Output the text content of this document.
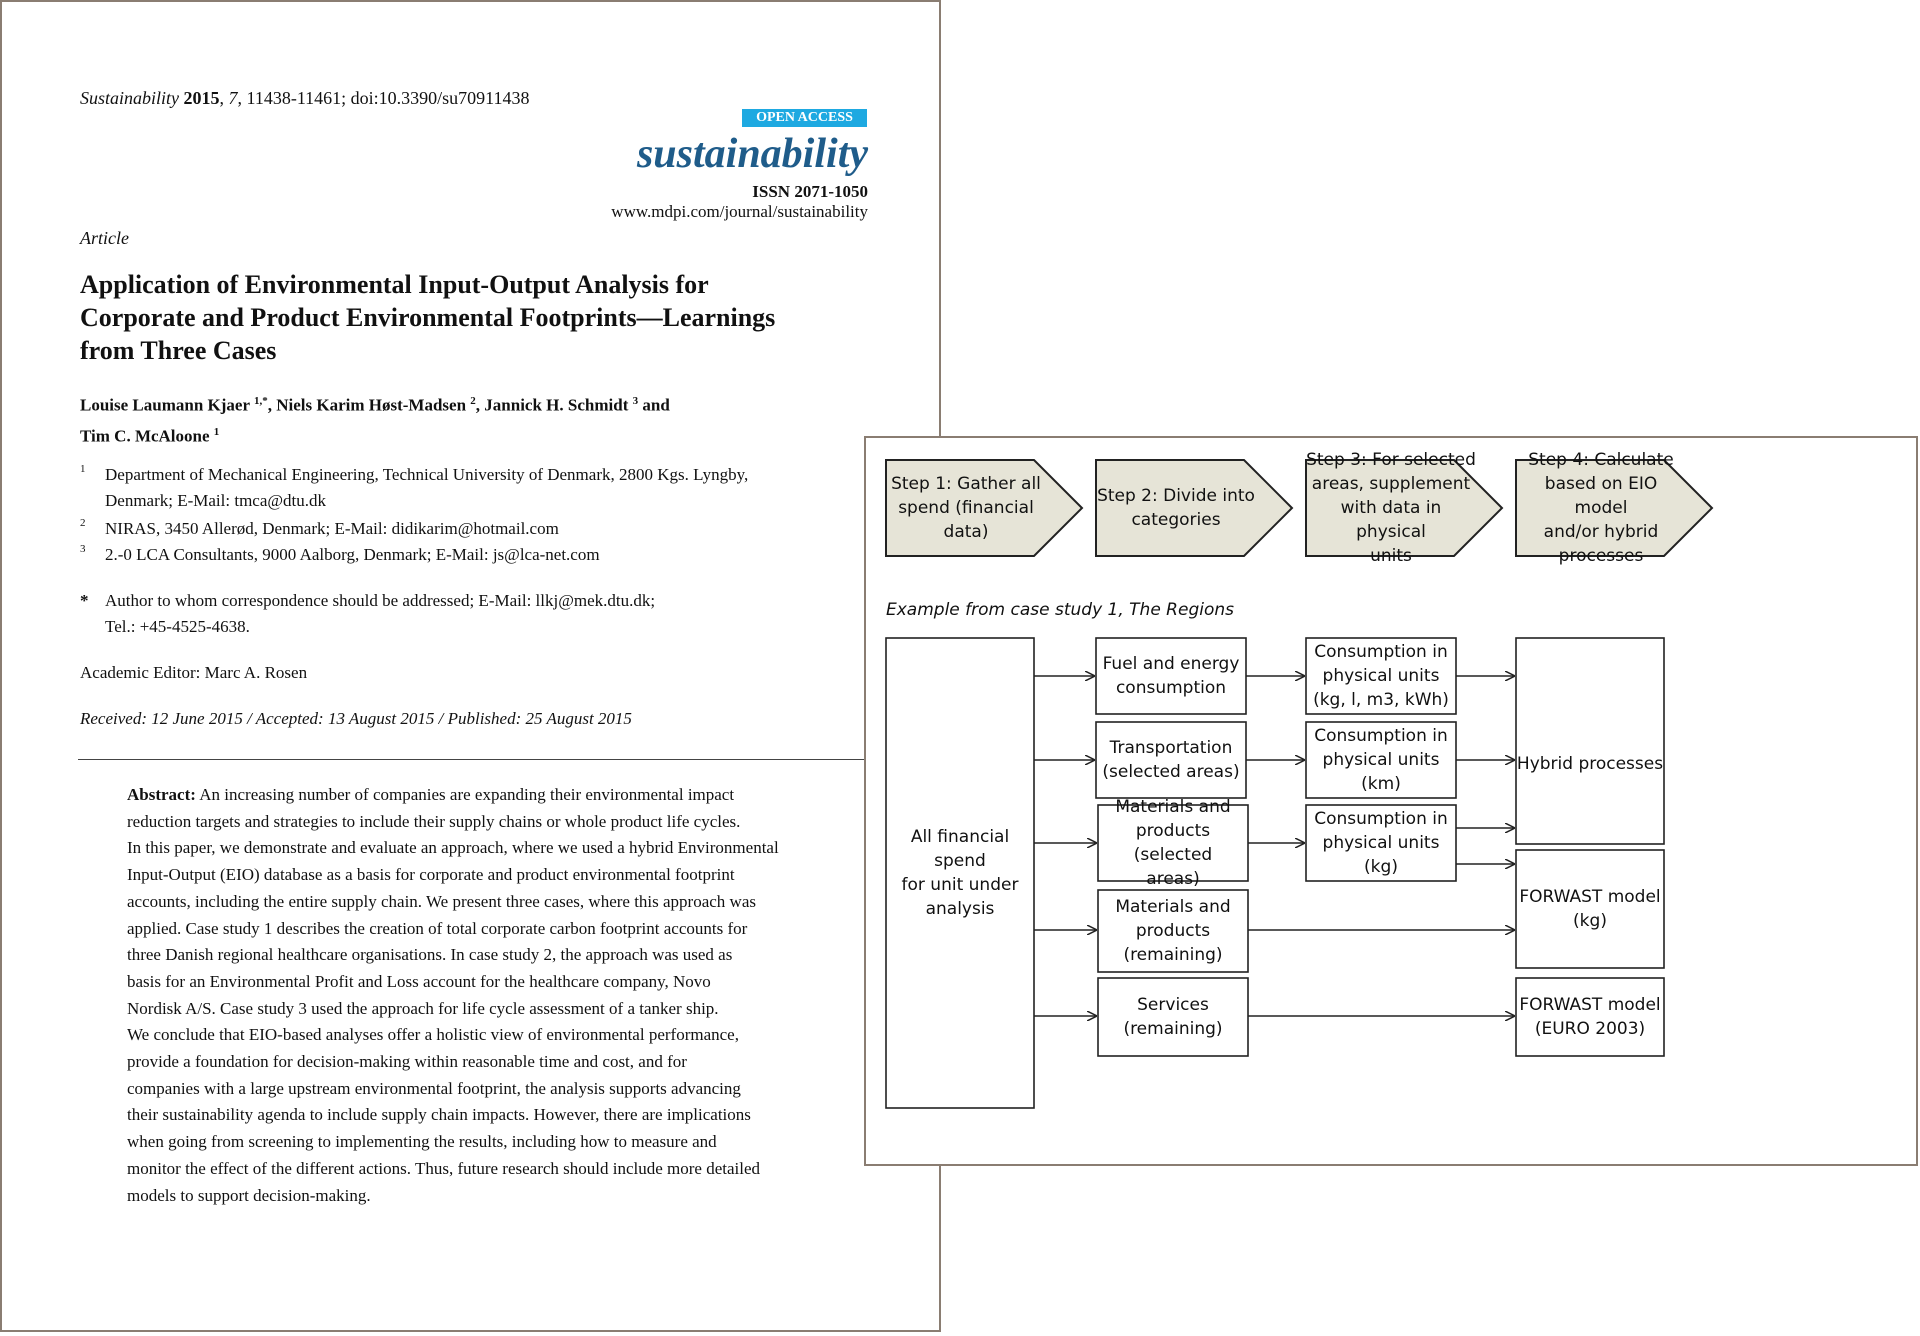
Sustainability 2015, 7, 11438-11461; doi:10.3390/su70911438
OPEN ACCESS
sustainability
ISSN 2071-1050
www.mdpi.com/journal/sustainability
Article
Application of Environmental Input-Output Analysis for
Corporate and Product Environmental Footprints—Learnings
from Three Cases
Louise Laumann Kjaer $^{1,*}$, Niels Karim Høst-Madsen $^2$, Jannick H. Schmidt $^3$ and
Tim C. McAloone $^1$
1 Department of Mechanical Engineering, Technical University of Denmark, 2800 Kgs. Lyngby,
Denmark; E-Mail: tmca@dtu.dk
2 NIRAS, 3450 Allerød, Denmark; E-Mail: didikarim@hotmail.com
3 2.-0 LCA Consultants, 9000 Aalborg, Denmark; E-Mail: js@lca-net.com
* Author to whom correspondence should be addressed; E-Mail: llkj@mek.dtu.dk;
Tel.: +45-4525-4638.
Academic Editor: Marc A. Rosen
Received: 12 June 2015 / Accepted: 13 August 2015 / Published: 25 August 2015
Abstract: An increasing number of companies are expanding their environmental impact
reduction targets and strategies to include their supply chains or whole product life cycles.
In this paper, we demonstrate and evaluate an approach, where we used a hybrid Environmental
Input-Output (EIO) database as a basis for corporate and product environmental footprint
accounts, including the entire supply chain. We present three cases, where this approach was
applied. Case study 1 describes the creation of total corporate carbon footprint accounts for
three Danish regional healthcare organisations. In case study 2, the approach was used as
basis for an Environmental Profit and Loss account for the healthcare company, Novo
Nordisk A/S. Case study 3 used the approach for life cycle assessment of a tanker ship.
We conclude that EIO-based analyses offer a holistic view of environmental performance,
provide a foundation for decision-making within reasonable time and cost, and for
companies with a large upstream environmental footprint, the analysis supports advancing
their sustainability agenda to include supply chain impacts. However, there are implications
when going from screening to implementing the results, including how to measure and
monitor the effect of the different actions. Thus, future research should include more detailed
models to support decision-making.
Step 1: Gather all
spend (financial data)
Step 2: Divide into
categories
Step 3: For selected
areas, supplement
with data in physical
units
Step 4: Calculate
based on EIO model
and/or hybrid
processes
Example from case study 1, The Regions
All financial spend
for unit under
analysis
Fuel and energy
consumption
Transportation
(selected areas)
Materials and
products (selected
areas)
Materials and
products
(remaining)
Services
(remaining)
Consumption in
physical units
(kg, l, m3, kWh)
Consumption in
physical units
(km)
Consumption in
physical units
(kg)
Hybrid processes
FORWAST model
(kg)
FORWAST model
(EURO 2003)
